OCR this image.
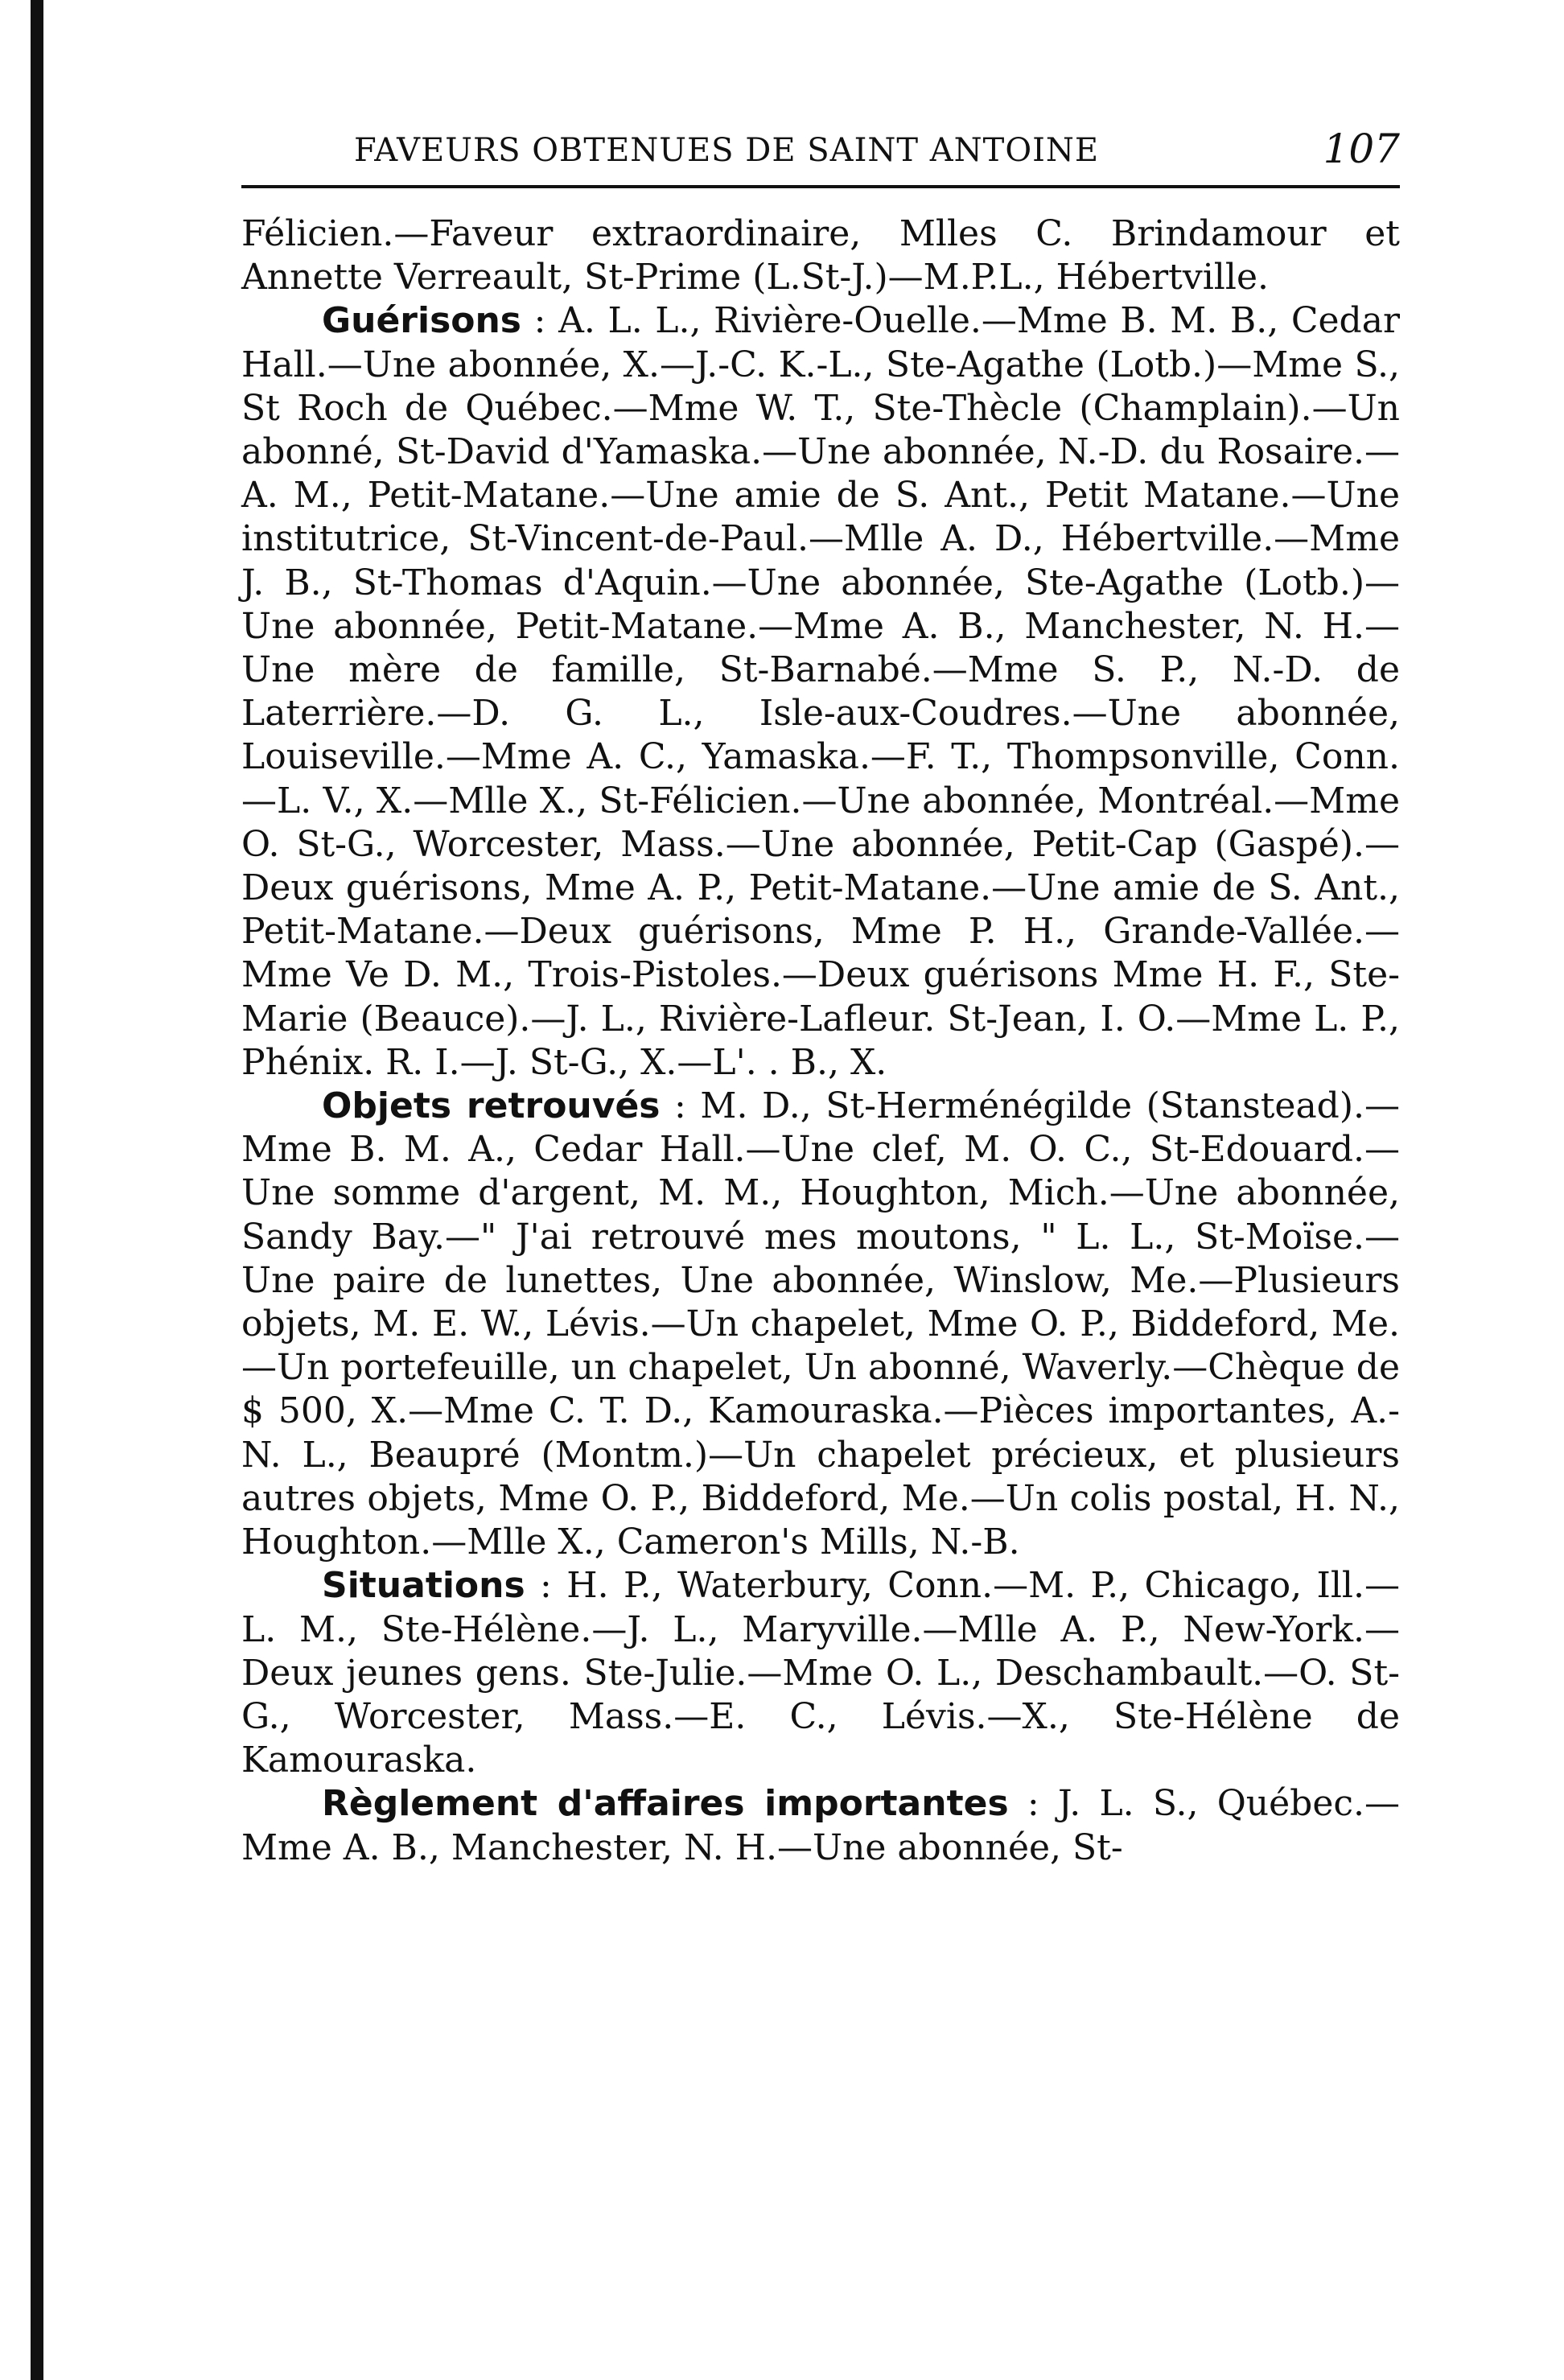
FAVEURS OBTENUES DE SAINT ANTOINE	107

Félicien.—Faveur extraordinaire, Mlles C. Brindamour et Annette Verreault, St-Prime (L.St-J.)—M.P.L., Hébertville.

Guérisons : A. L. L., Rivière-Ouelle.—Mme B. M. B., Cedar Hall.—Une abonnée, X.—J.-C. K.-L., Ste-Agathe (Lotb.)—Mme S., St Roch de Québec.—Mme W. T., Ste-Thècle (Champlain).—Un abonné, St-David d'Yamaska.—Une abonnée, N.-D. du Rosaire.—A. M., Petit-Matane.—Une amie de S. Ant., Petit Matane.—Une institutrice, St-Vincent-de-Paul.—Mlle A. D., Hébertville.—Mme J. B., St-Thomas d'Aquin.—Une abonnée, Ste-Agathe (Lotb.)—Une abonnée, Petit-Matane.—Mme A. B., Manchester, N. H.—Une mère de famille, St-Barnabé.—Mme S. P., N.-D. de Laterrière.—D. G. L., Isle-aux-Coudres.—Une abonnée, Louiseville.—Mme A. C., Yamaska.—F. T., Thompsonville, Conn.—L. V., X.—Mlle X., St-Félicien.—Une abonnée, Montréal.—Mme O. St-G., Worcester, Mass.—Une abonnée, Petit-Cap (Gaspé).—Deux guérisons, Mme A. P., Petit-Matane.—Une amie de S. Ant., Petit-Matane.—Deux guérisons, Mme P. H., Grande-Vallée.—Mme Ve D. M., Trois-Pistoles.—Deux guérisons Mme H. F., Ste-Marie (Beauce).—J. L., Rivière-Lafleur. St-Jean, I. O.—Mme L. P., Phénix. R. I.—J. St-G., X.—L'. . B., X.

Objets retrouvés : M. D., St-Herménégilde (Stanstead).—Mme B. M. A., Cedar Hall.—Une clef, M. O. C., St-Edouard.—Une somme d'argent, M. M., Houghton, Mich.—Une abonnée, Sandy Bay.—" J'ai retrouvé mes moutons, " L. L., St-Moïse.—Une paire de lunettes, Une abonnée, Winslow, Me.—Plusieurs objets, M. E. W., Lévis.—Un chapelet, Mme O. P., Biddeford, Me.—Un portefeuille, un chapelet, Un abonné, Waverly.—Chèque de $ 500, X.—Mme C. T. D., Kamouraska.—Pièces importantes, A.-N. L., Beaupré (Montm.)—Un chapelet précieux, et plusieurs autres objets, Mme O. P., Biddeford, Me.—Un colis postal, H. N., Houghton.—Mlle X., Cameron's Mills, N.-B.

Situations : H. P., Waterbury, Conn.—M. P., Chicago, Ill.—L. M., Ste-Hélène.—J. L., Maryville.—Mlle A. P., New-York.—Deux jeunes gens. Ste-Julie.—Mme O. L., Deschambault.—O. St-G., Worcester, Mass.—E. C., Lévis.—X., Ste-Hélène de Kamouraska.

Règlement d'affaires importantes : J. L. S., Québec.—Mme A. B., Manchester, N. H.—Une abonnée, St-
